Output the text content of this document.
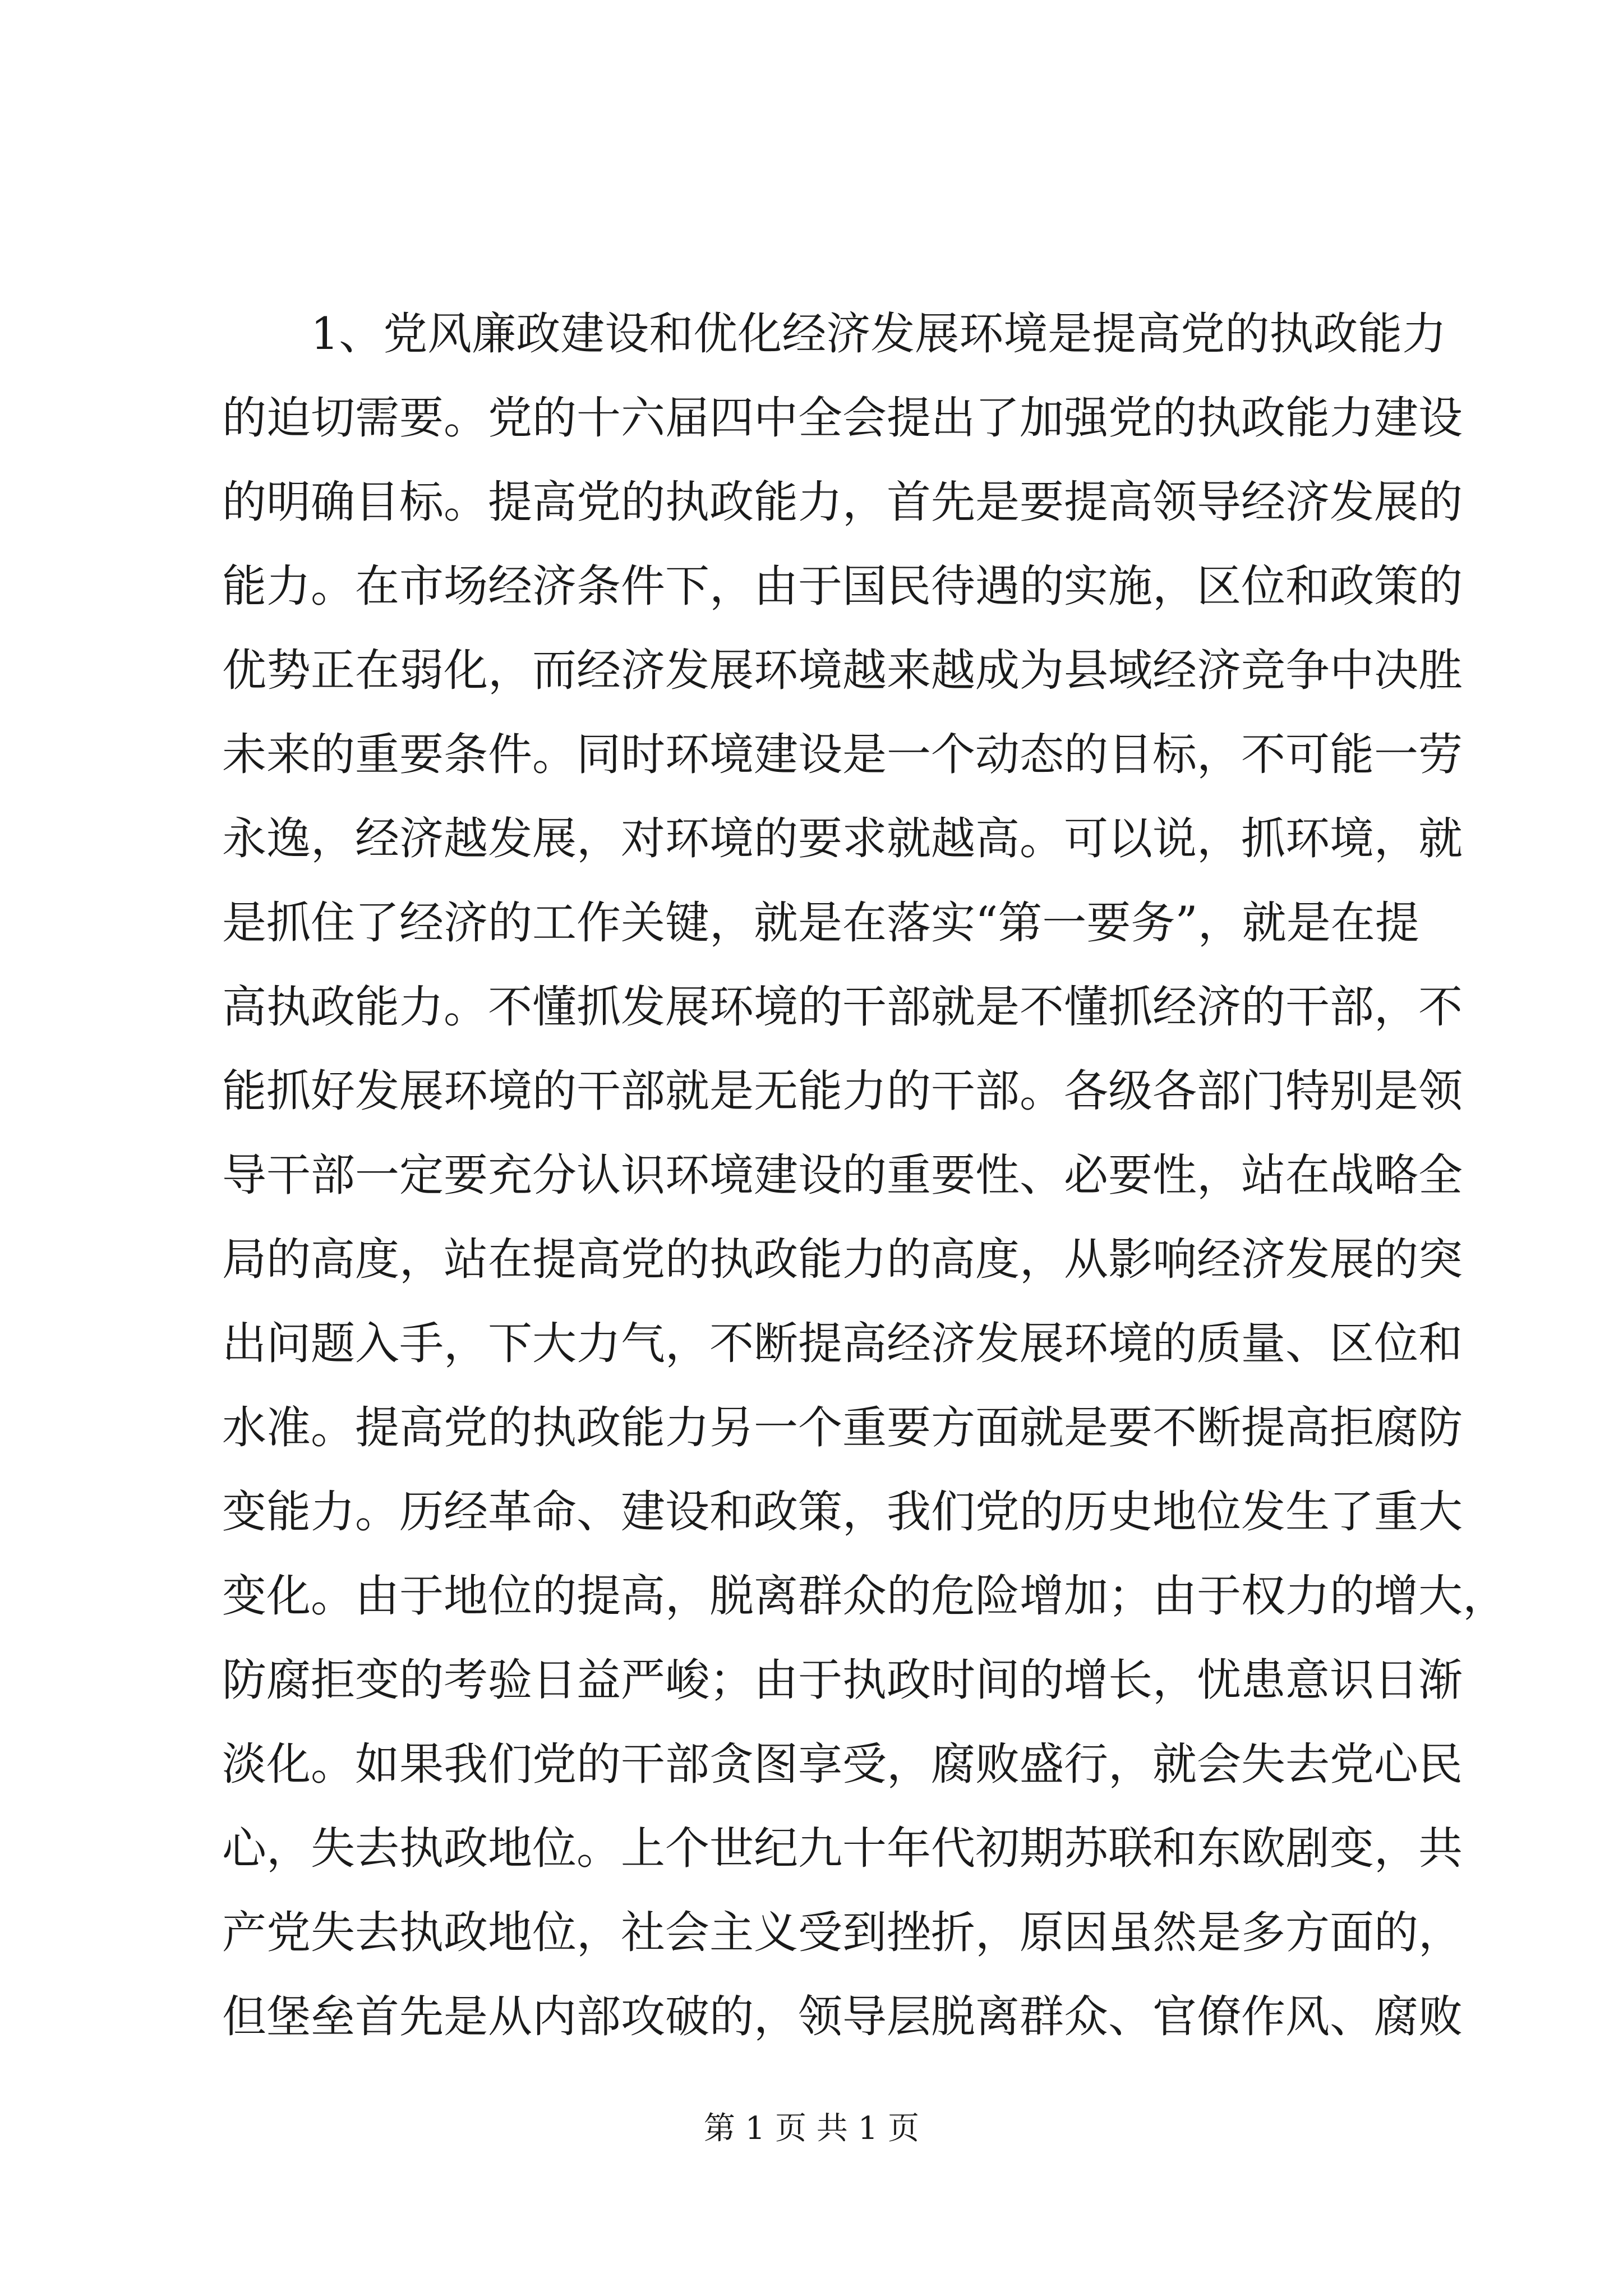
1、党风廉政建设和优化经济发展环境是提高党的执政能力
的迫切需要。党的十六届四中全会提出了加强党的执政能力建设
的明确目标。提高党的执政能力，首先是要提高领导经济发展的
能力。在市场经济条件下，由于国民待遇的实施，区位和政策的
优势正在弱化，而经济发展环境越来越成为县域经济竞争中决胜
未来的重要条件。同时环境建设是一个动态的目标，不可能一劳
永逸，经济越发展，对环境的要求就越高。可以说，抓环境，就
是抓住了经济的工作关键，就是在落实“第一要务”，就是在提
高执政能力。不懂抓发展环境的干部就是不懂抓经济的干部，不
能抓好发展环境的干部就是无能力的干部。各级各部门特别是领
导干部一定要充分认识环境建设的重要性、必要性，站在战略全
局的高度，站在提高党的执政能力的高度，从影响经济发展的突
出问题入手，下大力气，不断提高经济发展环境的质量、区位和
水准。提高党的执政能力另一个重要方面就是要不断提高拒腐防
变能力。历经革命、建设和政策，我们党的历史地位发生了重大
变化。由于地位的提高，脱离群众的危险增加；由于权力的增大，
防腐拒变的考验日益严峻；由于执政时间的增长，忧患意识日渐
淡化。如果我们党的干部贪图享受，腐败盛行，就会失去党心民
心，失去执政地位。上个世纪九十年代初期苏联和东欧剧变，共
产党失去执政地位，社会主义受到挫折，原因虽然是多方面的，
但堡垒首先是从内部攻破的，领导层脱离群众、官僚作风、腐败
第 1 页 共 1 页
